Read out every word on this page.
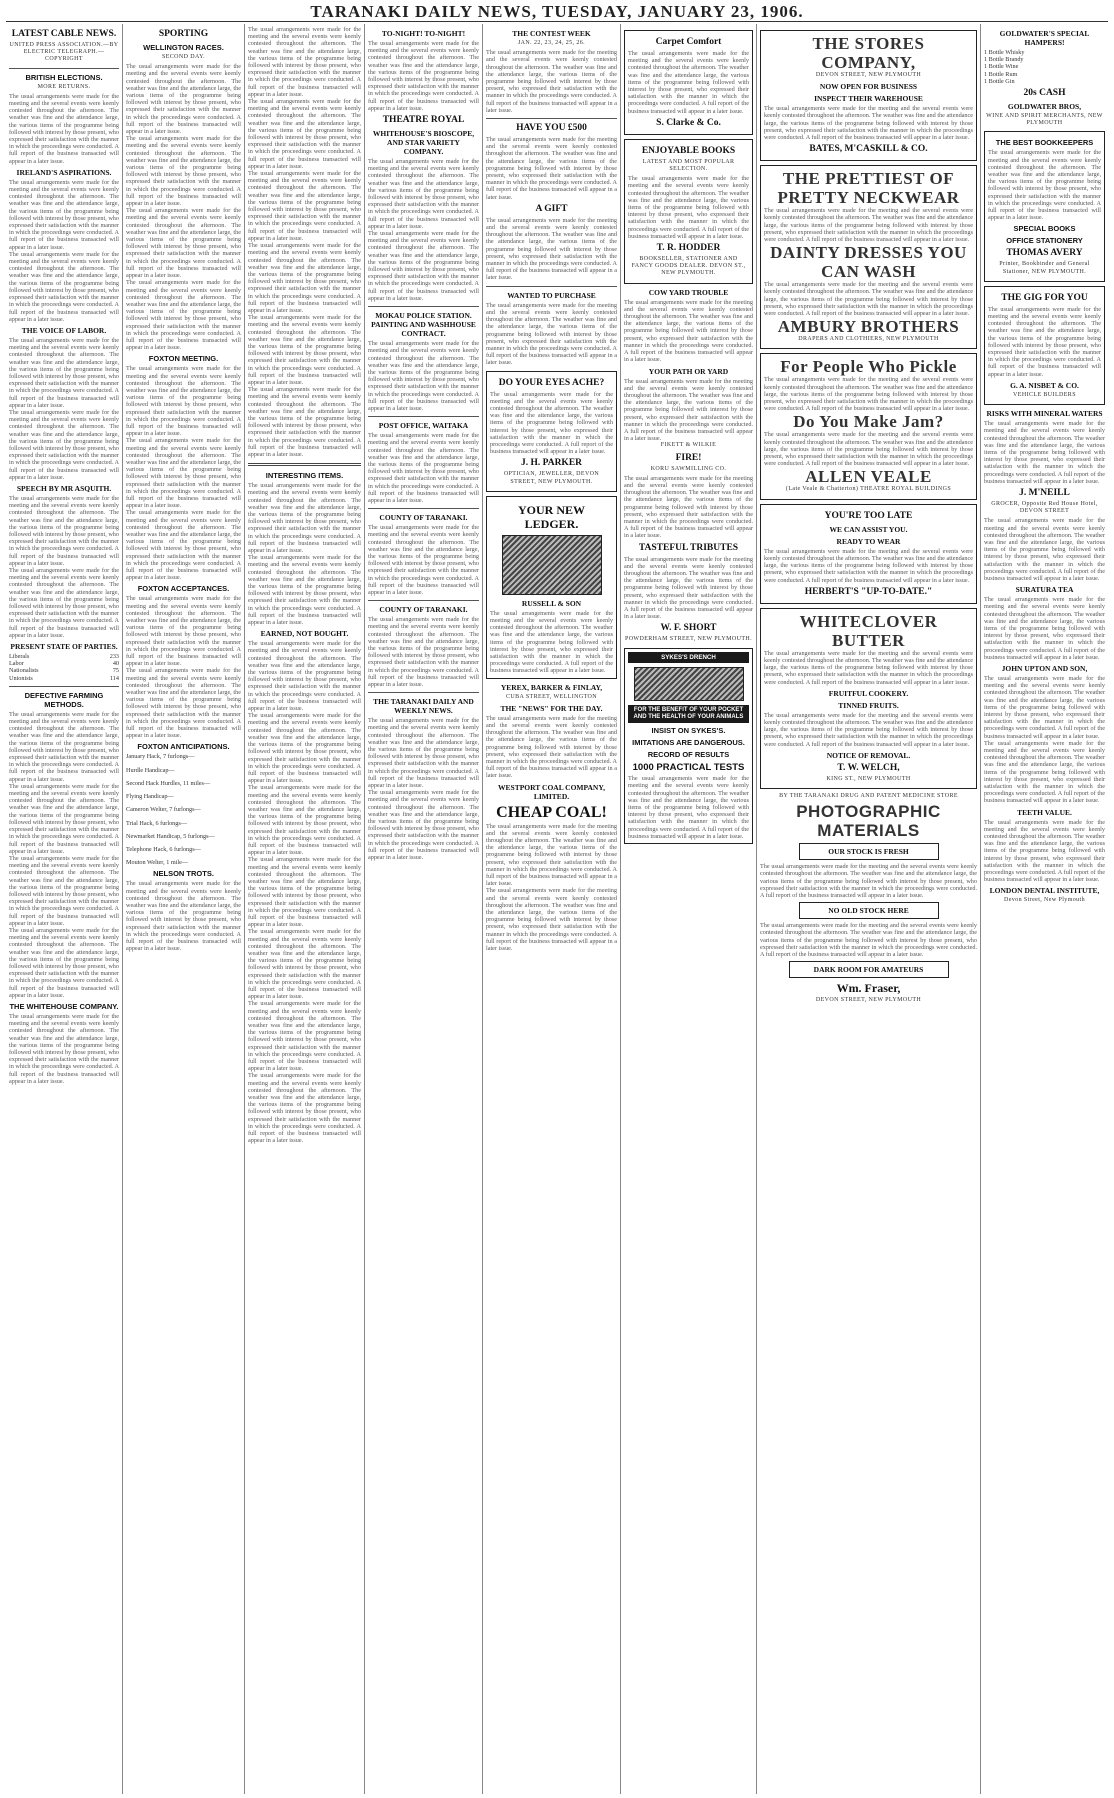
TARANAKI DAILY NEWS, TUESDAY, JANUARY 23, 1906.
LATEST CABLE NEWS.
UNITED PRESS ASSOCIATION.—BY ELECTRIC TELEGRAPH.—COPYRIGHT
BRITISH ELECTIONS.
MORE RETURNS.
The usual arrangements were made for the meeting and the several events were keenly contested throughout the afternoon. The weather was fine and the attendance large, the various items of the programme being followed with interest by those present, who expressed their satisfaction with the manner in which the proceedings were conducted. A full report of the business transacted will appear in a later issue.
IRELAND'S ASPIRATIONS.
The usual arrangements were made for the meeting and the several events were keenly contested throughout the afternoon. The weather was fine and the attendance large, the various items of the programme being followed with interest by those present, who expressed their satisfaction with the manner in which the proceedings were conducted. A full report of the business transacted will appear in a later issue.
The usual arrangements were made for the meeting and the several events were keenly contested throughout the afternoon. The weather was fine and the attendance large, the various items of the programme being followed with interest by those present, who expressed their satisfaction with the manner in which the proceedings were conducted. A full report of the business transacted will appear in a later issue.
THE VOICE OF LABOR.
The usual arrangements were made for the meeting and the several events were keenly contested throughout the afternoon. The weather was fine and the attendance large, the various items of the programme being followed with interest by those present, who expressed their satisfaction with the manner in which the proceedings were conducted. A full report of the business transacted will appear in a later issue.
The usual arrangements were made for the meeting and the several events were keenly contested throughout the afternoon. The weather was fine and the attendance large, the various items of the programme being followed with interest by those present, who expressed their satisfaction with the manner in which the proceedings were conducted. A full report of the business transacted will appear in a later issue.
SPEECH BY MR ASQUITH.
The usual arrangements were made for the meeting and the several events were keenly contested throughout the afternoon. The weather was fine and the attendance large, the various items of the programme being followed with interest by those present, who expressed their satisfaction with the manner in which the proceedings were conducted. A full report of the business transacted will appear in a later issue.
The usual arrangements were made for the meeting and the several events were keenly contested throughout the afternoon. The weather was fine and the attendance large, the various items of the programme being followed with interest by those present, who expressed their satisfaction with the manner in which the proceedings were conducted. A full report of the business transacted will appear in a later issue.
PRESENT STATE OF PARTIES.
Liberals	233
Labor	40
Nationalists	75
Unionists	114
DEFECTIVE FARMING METHODS.
The usual arrangements were made for the meeting and the several events were keenly contested throughout the afternoon. The weather was fine and the attendance large, the various items of the programme being followed with interest by those present, who expressed their satisfaction with the manner in which the proceedings were conducted. A full report of the business transacted will appear in a later issue.
The usual arrangements were made for the meeting and the several events were keenly contested throughout the afternoon. The weather was fine and the attendance large, the various items of the programme being followed with interest by those present, who expressed their satisfaction with the manner in which the proceedings were conducted. A full report of the business transacted will appear in a later issue.
The usual arrangements were made for the meeting and the several events were keenly contested throughout the afternoon. The weather was fine and the attendance large, the various items of the programme being followed with interest by those present, who expressed their satisfaction with the manner in which the proceedings were conducted. A full report of the business transacted will appear in a later issue.
The usual arrangements were made for the meeting and the several events were keenly contested throughout the afternoon. The weather was fine and the attendance large, the various items of the programme being followed with interest by those present, who expressed their satisfaction with the manner in which the proceedings were conducted. A full report of the business transacted will appear in a later issue.
THE WHITEHOUSE COMPANY.
The usual arrangements were made for the meeting and the several events were keenly contested throughout the afternoon. The weather was fine and the attendance large, the various items of the programme being followed with interest by those present, who expressed their satisfaction with the manner in which the proceedings were conducted. A full report of the business transacted will appear in a later issue.
SPORTING
WELLINGTON RACES.
SECOND DAY.
The usual arrangements were made for the meeting and the several events were keenly contested throughout the afternoon. The weather was fine and the attendance large, the various items of the programme being followed with interest by those present, who expressed their satisfaction with the manner in which the proceedings were conducted. A full report of the business transacted will appear in a later issue.
The usual arrangements were made for the meeting and the several events were keenly contested throughout the afternoon. The weather was fine and the attendance large, the various items of the programme being followed with interest by those present, who expressed their satisfaction with the manner in which the proceedings were conducted. A full report of the business transacted will appear in a later issue.
The usual arrangements were made for the meeting and the several events were keenly contested throughout the afternoon. The weather was fine and the attendance large, the various items of the programme being followed with interest by those present, who expressed their satisfaction with the manner in which the proceedings were conducted. A full report of the business transacted will appear in a later issue.
The usual arrangements were made for the meeting and the several events were keenly contested throughout the afternoon. The weather was fine and the attendance large, the various items of the programme being followed with interest by those present, who expressed their satisfaction with the manner in which the proceedings were conducted. A full report of the business transacted will appear in a later issue.
FOXTON MEETING.
The usual arrangements were made for the meeting and the several events were keenly contested throughout the afternoon. The weather was fine and the attendance large, the various items of the programme being followed with interest by those present, who expressed their satisfaction with the manner in which the proceedings were conducted. A full report of the business transacted will appear in a later issue.
The usual arrangements were made for the meeting and the several events were keenly contested throughout the afternoon. The weather was fine and the attendance large, the various items of the programme being followed with interest by those present, who expressed their satisfaction with the manner in which the proceedings were conducted. A full report of the business transacted will appear in a later issue.
The usual arrangements were made for the meeting and the several events were keenly contested throughout the afternoon. The weather was fine and the attendance large, the various items of the programme being followed with interest by those present, who expressed their satisfaction with the manner in which the proceedings were conducted. A full report of the business transacted will appear in a later issue.
FOXTON ACCEPTANCES.
The usual arrangements were made for the meeting and the several events were keenly contested throughout the afternoon. The weather was fine and the attendance large, the various items of the programme being followed with interest by those present, who expressed their satisfaction with the manner in which the proceedings were conducted. A full report of the business transacted will appear in a later issue.
The usual arrangements were made for the meeting and the several events were keenly contested throughout the afternoon. The weather was fine and the attendance large, the various items of the programme being followed with interest by those present, who expressed their satisfaction with the manner in which the proceedings were conducted. A full report of the business transacted will appear in a later issue.
FOXTON ANTICIPATIONS.
January Hack, 7 furlongs—
Hurdle Handicap—
Second Hack Hurdles, 11 miles—
Flying Handicap—
Cameron Welter, 7 furlongs—
Trial Hack, 6 furlongs—
Newmarket Handicap, 5 furlongs—
Telephone Hack, 6 furlongs—
Mouton Welter, 1 mile—
NELSON TROTS.
The usual arrangements were made for the meeting and the several events were keenly contested throughout the afternoon. The weather was fine and the attendance large, the various items of the programme being followed with interest by those present, who expressed their satisfaction with the manner in which the proceedings were conducted. A full report of the business transacted will appear in a later issue.
The usual arrangements were made for the meeting and the several events were keenly contested throughout the afternoon. The weather was fine and the attendance large, the various items of the programme being followed with interest by those present, who expressed their satisfaction with the manner in which the proceedings were conducted. A full report of the business transacted will appear in a later issue.
The usual arrangements were made for the meeting and the several events were keenly contested throughout the afternoon. The weather was fine and the attendance large, the various items of the programme being followed with interest by those present, who expressed their satisfaction with the manner in which the proceedings were conducted. A full report of the business transacted will appear in a later issue.
The usual arrangements were made for the meeting and the several events were keenly contested throughout the afternoon. The weather was fine and the attendance large, the various items of the programme being followed with interest by those present, who expressed their satisfaction with the manner in which the proceedings were conducted. A full report of the business transacted will appear in a later issue.
The usual arrangements were made for the meeting and the several events were keenly contested throughout the afternoon. The weather was fine and the attendance large, the various items of the programme being followed with interest by those present, who expressed their satisfaction with the manner in which the proceedings were conducted. A full report of the business transacted will appear in a later issue.
The usual arrangements were made for the meeting and the several events were keenly contested throughout the afternoon. The weather was fine and the attendance large, the various items of the programme being followed with interest by those present, who expressed their satisfaction with the manner in which the proceedings were conducted. A full report of the business transacted will appear in a later issue.
The usual arrangements were made for the meeting and the several events were keenly contested throughout the afternoon. The weather was fine and the attendance large, the various items of the programme being followed with interest by those present, who expressed their satisfaction with the manner in which the proceedings were conducted. A full report of the business transacted will appear in a later issue.
INTERESTING ITEMS.
The usual arrangements were made for the meeting and the several events were keenly contested throughout the afternoon. The weather was fine and the attendance large, the various items of the programme being followed with interest by those present, who expressed their satisfaction with the manner in which the proceedings were conducted. A full report of the business transacted will appear in a later issue.
The usual arrangements were made for the meeting and the several events were keenly contested throughout the afternoon. The weather was fine and the attendance large, the various items of the programme being followed with interest by those present, who expressed their satisfaction with the manner in which the proceedings were conducted. A full report of the business transacted will appear in a later issue.
EARNED, NOT BOUGHT.
The usual arrangements were made for the meeting and the several events were keenly contested throughout the afternoon. The weather was fine and the attendance large, the various items of the programme being followed with interest by those present, who expressed their satisfaction with the manner in which the proceedings were conducted. A full report of the business transacted will appear in a later issue.
The usual arrangements were made for the meeting and the several events were keenly contested throughout the afternoon. The weather was fine and the attendance large, the various items of the programme being followed with interest by those present, who expressed their satisfaction with the manner in which the proceedings were conducted. A full report of the business transacted will appear in a later issue.
The usual arrangements were made for the meeting and the several events were keenly contested throughout the afternoon. The weather was fine and the attendance large, the various items of the programme being followed with interest by those present, who expressed their satisfaction with the manner in which the proceedings were conducted. A full report of the business transacted will appear in a later issue.
The usual arrangements were made for the meeting and the several events were keenly contested throughout the afternoon. The weather was fine and the attendance large, the various items of the programme being followed with interest by those present, who expressed their satisfaction with the manner in which the proceedings were conducted. A full report of the business transacted will appear in a later issue.
The usual arrangements were made for the meeting and the several events were keenly contested throughout the afternoon. The weather was fine and the attendance large, the various items of the programme being followed with interest by those present, who expressed their satisfaction with the manner in which the proceedings were conducted. A full report of the business transacted will appear in a later issue.
The usual arrangements were made for the meeting and the several events were keenly contested throughout the afternoon. The weather was fine and the attendance large, the various items of the programme being followed with interest by those present, who expressed their satisfaction with the manner in which the proceedings were conducted. A full report of the business transacted will appear in a later issue.
The usual arrangements were made for the meeting and the several events were keenly contested throughout the afternoon. The weather was fine and the attendance large, the various items of the programme being followed with interest by those present, who expressed their satisfaction with the manner in which the proceedings were conducted. A full report of the business transacted will appear in a later issue.
TO-NIGHT! TO-NIGHT!
The usual arrangements were made for the meeting and the several events were keenly contested throughout the afternoon. The weather was fine and the attendance large, the various items of the programme being followed with interest by those present, who expressed their satisfaction with the manner in which the proceedings were conducted. A full report of the business transacted will appear in a later issue.
THEATRE ROYAL
WHITEHOUSE'S BIOSCOPE, AND STAR VARIETY COMPANY.
The usual arrangements were made for the meeting and the several events were keenly contested throughout the afternoon. The weather was fine and the attendance large, the various items of the programme being followed with interest by those present, who expressed their satisfaction with the manner in which the proceedings were conducted. A full report of the business transacted will appear in a later issue.
The usual arrangements were made for the meeting and the several events were keenly contested throughout the afternoon. The weather was fine and the attendance large, the various items of the programme being followed with interest by those present, who expressed their satisfaction with the manner in which the proceedings were conducted. A full report of the business transacted will appear in a later issue.
MOKAU POLICE STATION. PAINTING AND WASHHOUSE CONTRACT.
The usual arrangements were made for the meeting and the several events were keenly contested throughout the afternoon. The weather was fine and the attendance large, the various items of the programme being followed with interest by those present, who expressed their satisfaction with the manner in which the proceedings were conducted. A full report of the business transacted will appear in a later issue.
POST OFFICE, WAITAKA
The usual arrangements were made for the meeting and the several events were keenly contested throughout the afternoon. The weather was fine and the attendance large, the various items of the programme being followed with interest by those present, who expressed their satisfaction with the manner in which the proceedings were conducted. A full report of the business transacted will appear in a later issue.
COUNTY OF TARANAKI.
The usual arrangements were made for the meeting and the several events were keenly contested throughout the afternoon. The weather was fine and the attendance large, the various items of the programme being followed with interest by those present, who expressed their satisfaction with the manner in which the proceedings were conducted. A full report of the business transacted will appear in a later issue.
COUNTY OF TARANAKI.
The usual arrangements were made for the meeting and the several events were keenly contested throughout the afternoon. The weather was fine and the attendance large, the various items of the programme being followed with interest by those present, who expressed their satisfaction with the manner in which the proceedings were conducted. A full report of the business transacted will appear in a later issue.
THE TARANAKI DAILY AND WEEKLY NEWS.
The usual arrangements were made for the meeting and the several events were keenly contested throughout the afternoon. The weather was fine and the attendance large, the various items of the programme being followed with interest by those present, who expressed their satisfaction with the manner in which the proceedings were conducted. A full report of the business transacted will appear in a later issue.
The usual arrangements were made for the meeting and the several events were keenly contested throughout the afternoon. The weather was fine and the attendance large, the various items of the programme being followed with interest by those present, who expressed their satisfaction with the manner in which the proceedings were conducted. A full report of the business transacted will appear in a later issue.
THE CONTEST WEEK
JAN. 22, 23, 24, 25, 26.
The usual arrangements were made for the meeting and the several events were keenly contested throughout the afternoon. The weather was fine and the attendance large, the various items of the programme being followed with interest by those present, who expressed their satisfaction with the manner in which the proceedings were conducted. A full report of the business transacted will appear in a later issue.
HAVE YOU £500
The usual arrangements were made for the meeting and the several events were keenly contested throughout the afternoon. The weather was fine and the attendance large, the various items of the programme being followed with interest by those present, who expressed their satisfaction with the manner in which the proceedings were conducted. A full report of the business transacted will appear in a later issue.
A GIFT
The usual arrangements were made for the meeting and the several events were keenly contested throughout the afternoon. The weather was fine and the attendance large, the various items of the programme being followed with interest by those present, who expressed their satisfaction with the manner in which the proceedings were conducted. A full report of the business transacted will appear in a later issue.
WANTED TO PURCHASE
The usual arrangements were made for the meeting and the several events were keenly contested throughout the afternoon. The weather was fine and the attendance large, the various items of the programme being followed with interest by those present, who expressed their satisfaction with the manner in which the proceedings were conducted. A full report of the business transacted will appear in a later issue.
DO YOUR EYES ACHE?
The usual arrangements were made for the meeting and the several events were keenly contested throughout the afternoon. The weather was fine and the attendance large, the various items of the programme being followed with interest by those present, who expressed their satisfaction with the manner in which the proceedings were conducted. A full report of the business transacted will appear in a later issue.
J. H. PARKER
OPTICIAN, JEWELLER, DEVON STREET, NEW PLYMOUTH.
YOUR NEW LEDGER.
RUSSELL & SON
The usual arrangements were made for the meeting and the several events were keenly contested throughout the afternoon. The weather was fine and the attendance large, the various items of the programme being followed with interest by those present, who expressed their satisfaction with the manner in which the proceedings were conducted. A full report of the business transacted will appear in a later issue.
YEREX, BARKER & FINLAY,
CUBA STREET, WELLINGTON
THE "NEWS" FOR THE DAY.
The usual arrangements were made for the meeting and the several events were keenly contested throughout the afternoon. The weather was fine and the attendance large, the various items of the programme being followed with interest by those present, who expressed their satisfaction with the manner in which the proceedings were conducted. A full report of the business transacted will appear in a later issue.
WESTPORT COAL COMPANY, LIMITED.
CHEAP COAL!
The usual arrangements were made for the meeting and the several events were keenly contested throughout the afternoon. The weather was fine and the attendance large, the various items of the programme being followed with interest by those present, who expressed their satisfaction with the manner in which the proceedings were conducted. A full report of the business transacted will appear in a later issue.
The usual arrangements were made for the meeting and the several events were keenly contested throughout the afternoon. The weather was fine and the attendance large, the various items of the programme being followed with interest by those present, who expressed their satisfaction with the manner in which the proceedings were conducted. A full report of the business transacted will appear in a later issue.
Carpet Comfort
The usual arrangements were made for the meeting and the several events were keenly contested throughout the afternoon. The weather was fine and the attendance large, the various items of the programme being followed with interest by those present, who expressed their satisfaction with the manner in which the proceedings were conducted. A full report of the business transacted will appear in a later issue.
S. Clarke & Co.
ENJOYABLE BOOKS
LATEST AND MOST POPULAR SELECTION.
The usual arrangements were made for the meeting and the several events were keenly contested throughout the afternoon. The weather was fine and the attendance large, the various items of the programme being followed with interest by those present, who expressed their satisfaction with the manner in which the proceedings were conducted. A full report of the business transacted will appear in a later issue.
T. R. HODDER
BOOKSELLER, STATIONER AND FANCY GOODS DEALER. DEVON ST., NEW PLYMOUTH.
COW YARD TROUBLE
The usual arrangements were made for the meeting and the several events were keenly contested throughout the afternoon. The weather was fine and the attendance large, the various items of the programme being followed with interest by those present, who expressed their satisfaction with the manner in which the proceedings were conducted. A full report of the business transacted will appear in a later issue.
YOUR PATH OR YARD
The usual arrangements were made for the meeting and the several events were keenly contested throughout the afternoon. The weather was fine and the attendance large, the various items of the programme being followed with interest by those present, who expressed their satisfaction with the manner in which the proceedings were conducted. A full report of the business transacted will appear in a later issue.
FIKETT & WILKIE
FIRE!
KORU SAWMILLING CO.
The usual arrangements were made for the meeting and the several events were keenly contested throughout the afternoon. The weather was fine and the attendance large, the various items of the programme being followed with interest by those present, who expressed their satisfaction with the manner in which the proceedings were conducted. A full report of the business transacted will appear in a later issue.
TASTEFUL TRIBUTES
The usual arrangements were made for the meeting and the several events were keenly contested throughout the afternoon. The weather was fine and the attendance large, the various items of the programme being followed with interest by those present, who expressed their satisfaction with the manner in which the proceedings were conducted. A full report of the business transacted will appear in a later issue.
W. F. SHORT
POWDERHAM STREET, NEW PLYMOUTH.
SYKES'S DRENCH
FOR THE BENEFIT OF YOUR POCKET AND THE HEALTH OF YOUR ANIMALS
INSIST ON SYKES'S.
IMITATIONS ARE DANGEROUS.
RECORD OF RESULTS
1000 PRACTICAL TESTS
The usual arrangements were made for the meeting and the several events were keenly contested throughout the afternoon. The weather was fine and the attendance large, the various items of the programme being followed with interest by those present, who expressed their satisfaction with the manner in which the proceedings were conducted. A full report of the business transacted will appear in a later issue.
THE STORES COMPANY,
DEVON STREET, NEW PLYMOUTH
NOW OPEN FOR BUSINESS
INSPECT THEIR WAREHOUSE
The usual arrangements were made for the meeting and the several events were keenly contested throughout the afternoon. The weather was fine and the attendance large, the various items of the programme being followed with interest by those present, who expressed their satisfaction with the manner in which the proceedings were conducted. A full report of the business transacted will appear in a later issue.
BATES, M'CASKILL & CO.
THE PRETTIEST OF PRETTY NECKWEAR
The usual arrangements were made for the meeting and the several events were keenly contested throughout the afternoon. The weather was fine and the attendance large, the various items of the programme being followed with interest by those present, who expressed their satisfaction with the manner in which the proceedings were conducted. A full report of the business transacted will appear in a later issue.
DAINTY DRESSES YOU CAN WASH
The usual arrangements were made for the meeting and the several events were keenly contested throughout the afternoon. The weather was fine and the attendance large, the various items of the programme being followed with interest by those present, who expressed their satisfaction with the manner in which the proceedings were conducted. A full report of the business transacted will appear in a later issue.
AMBURY BROTHERS
DRAPERS AND CLOTHIERS, NEW PLYMOUTH
For People Who Pickle
The usual arrangements were made for the meeting and the several events were keenly contested throughout the afternoon. The weather was fine and the attendance large, the various items of the programme being followed with interest by those present, who expressed their satisfaction with the manner in which the proceedings were conducted. A full report of the business transacted will appear in a later issue.
Do You Make Jam?
The usual arrangements were made for the meeting and the several events were keenly contested throughout the afternoon. The weather was fine and the attendance large, the various items of the programme being followed with interest by those present, who expressed their satisfaction with the manner in which the proceedings were conducted. A full report of the business transacted will appear in a later issue.
ALLEN VEALE
(Late Veale & Chatterton) THEATRE ROYAL BUILDINGS
YOU'RE TOO LATE
WE CAN ASSIST YOU.
READY TO WEAR
The usual arrangements were made for the meeting and the several events were keenly contested throughout the afternoon. The weather was fine and the attendance large, the various items of the programme being followed with interest by those present, who expressed their satisfaction with the manner in which the proceedings were conducted. A full report of the business transacted will appear in a later issue.
HERBERT'S "UP-TO-DATE."
WHITECLOVER BUTTER
The usual arrangements were made for the meeting and the several events were keenly contested throughout the afternoon. The weather was fine and the attendance large, the various items of the programme being followed with interest by those present, who expressed their satisfaction with the manner in which the proceedings were conducted. A full report of the business transacted will appear in a later issue.
FRUITFUL COOKERY.
TINNED FRUITS.
The usual arrangements were made for the meeting and the several events were keenly contested throughout the afternoon. The weather was fine and the attendance large, the various items of the programme being followed with interest by those present, who expressed their satisfaction with the manner in which the proceedings were conducted. A full report of the business transacted will appear in a later issue.
NOTICE OF REMOVAL.
T. W. WELCH,
KING ST., NEW PLYMOUTH
BY THE TARANAKI DRUG AND PATENT MEDICINE STORE
PHOTOGRAPHIC MATERIALS
OUR STOCK IS FRESH
The usual arrangements were made for the meeting and the several events were keenly contested throughout the afternoon. The weather was fine and the attendance large, the various items of the programme being followed with interest by those present, who expressed their satisfaction with the manner in which the proceedings were conducted. A full report of the business transacted will appear in a later issue.
NO OLD STOCK HERE
The usual arrangements were made for the meeting and the several events were keenly contested throughout the afternoon. The weather was fine and the attendance large, the various items of the programme being followed with interest by those present, who expressed their satisfaction with the manner in which the proceedings were conducted. A full report of the business transacted will appear in a later issue.
DARK ROOM FOR AMATEURS
Wm. Fraser,
DEVON STREET, NEW PLYMOUTH
GOLDWATER'S SPECIAL HAMPERS!
1 Bottle Whisky
1 Bottle Brandy
1 Bottle Wine
1 Bottle Rum
1 Bottle Gin
20s CASH
GOLDWATER BROS,
WINE AND SPIRIT MERCHANTS, NEW PLYMOUTH
THE BEST BOOKKEEPERS
The usual arrangements were made for the meeting and the several events were keenly contested throughout the afternoon. The weather was fine and the attendance large, the various items of the programme being followed with interest by those present, who expressed their satisfaction with the manner in which the proceedings were conducted. A full report of the business transacted will appear in a later issue.
SPECIAL BOOKS
OFFICE STATIONERY
THOMAS AVERY
Printer, Bookbinder and General Stationer, NEW PLYMOUTH.
THE GIG FOR YOU
The usual arrangements were made for the meeting and the several events were keenly contested throughout the afternoon. The weather was fine and the attendance large, the various items of the programme being followed with interest by those present, who expressed their satisfaction with the manner in which the proceedings were conducted. A full report of the business transacted will appear in a later issue.
G. A. NISBET & CO.
VEHICLE BUILDERS
RISKS WITH MINERAL WATERS
The usual arrangements were made for the meeting and the several events were keenly contested throughout the afternoon. The weather was fine and the attendance large, the various items of the programme being followed with interest by those present, who expressed their satisfaction with the manner in which the proceedings were conducted. A full report of the business transacted will appear in a later issue.
J. M'NEILL
GROCER, Opposite Red House Hotel, DEVON STREET
The usual arrangements were made for the meeting and the several events were keenly contested throughout the afternoon. The weather was fine and the attendance large, the various items of the programme being followed with interest by those present, who expressed their satisfaction with the manner in which the proceedings were conducted. A full report of the business transacted will appear in a later issue.
SURATURA TEA
The usual arrangements were made for the meeting and the several events were keenly contested throughout the afternoon. The weather was fine and the attendance large, the various items of the programme being followed with interest by those present, who expressed their satisfaction with the manner in which the proceedings were conducted. A full report of the business transacted will appear in a later issue.
JOHN UPTON AND SON,
The usual arrangements were made for the meeting and the several events were keenly contested throughout the afternoon. The weather was fine and the attendance large, the various items of the programme being followed with interest by those present, who expressed their satisfaction with the manner in which the proceedings were conducted. A full report of the business transacted will appear in a later issue.
The usual arrangements were made for the meeting and the several events were keenly contested throughout the afternoon. The weather was fine and the attendance large, the various items of the programme being followed with interest by those present, who expressed their satisfaction with the manner in which the proceedings were conducted. A full report of the business transacted will appear in a later issue.
TEETH VALUE.
The usual arrangements were made for the meeting and the several events were keenly contested throughout the afternoon. The weather was fine and the attendance large, the various items of the programme being followed with interest by those present, who expressed their satisfaction with the manner in which the proceedings were conducted. A full report of the business transacted will appear in a later issue.
LONDON DENTAL INSTITUTE,
Devon Street, New Plymouth
